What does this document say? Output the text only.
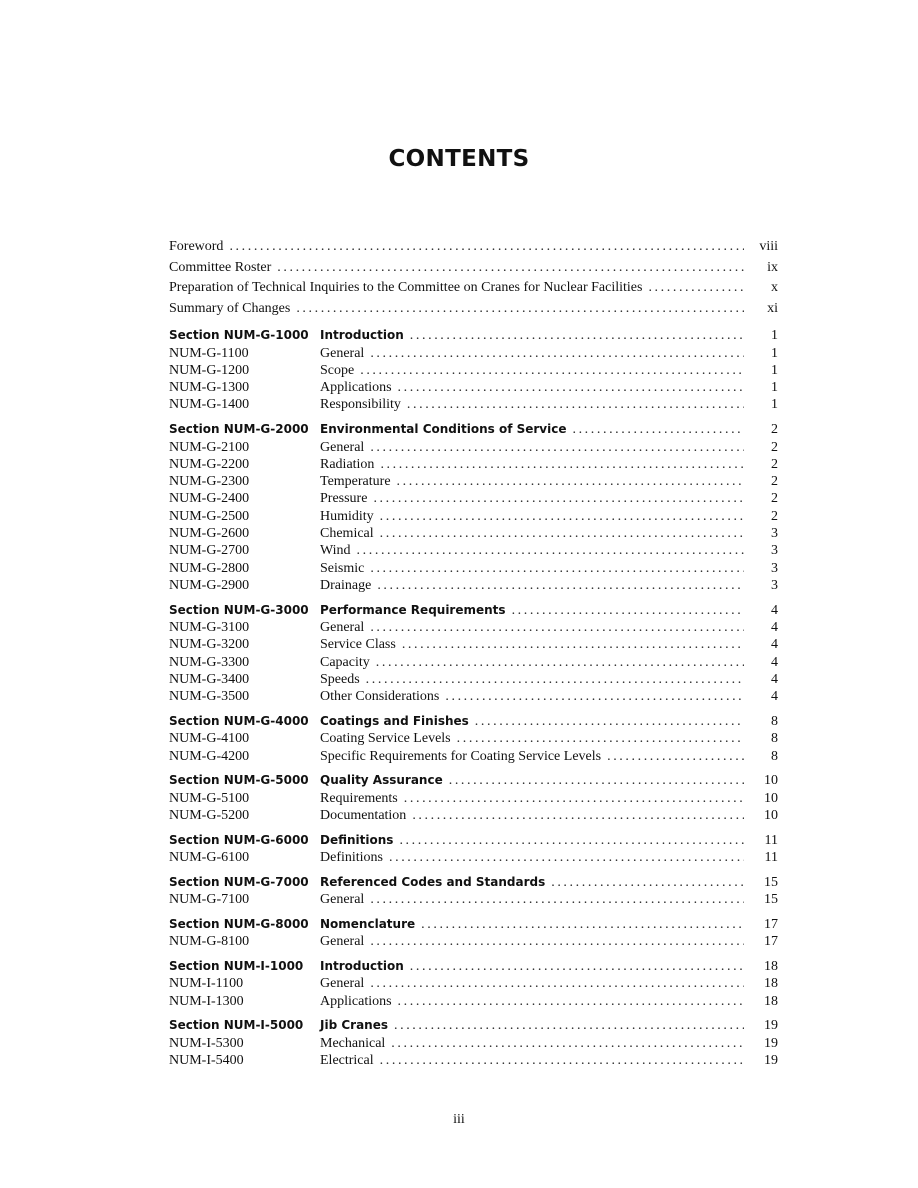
CONTENTS
Foreword .....	viii
Committee Roster .....	ix
Preparation of Technical Inquiries to the Committee on Cranes for Nuclear Facilities .....	x
Summary of Changes .....	xi
Section NUM-G-1000 Introduction .....	1
NUM-G-1100	General .....	1
NUM-G-1200	Scope .....	1
NUM-G-1300	Applications .....	1
NUM-G-1400	Responsibility .....	1
Section NUM-G-2000 Environmental Conditions of Service .....	2
NUM-G-2100	General .....	2
NUM-G-2200	Radiation .....	2
NUM-G-2300	Temperature .....	2
NUM-G-2400	Pressure .....	2
NUM-G-2500	Humidity .....	2
NUM-G-2600	Chemical .....	3
NUM-G-2700	Wind .....	3
NUM-G-2800	Seismic .....	3
NUM-G-2900	Drainage .....	3
Section NUM-G-3000 Performance Requirements .....	4
NUM-G-3100	General .....	4
NUM-G-3200	Service Class .....	4
NUM-G-3300	Capacity .....	4
NUM-G-3400	Speeds .....	4
NUM-G-3500	Other Considerations .....	4
Section NUM-G-4000 Coatings and Finishes .....	8
NUM-G-4100	Coating Service Levels .....	8
NUM-G-4200	Specific Requirements for Coating Service Levels .....	8
Section NUM-G-5000 Quality Assurance .....	10
NUM-G-5100	Requirements .....	10
NUM-G-5200	Documentation .....	10
Section NUM-G-6000 Definitions .....	11
NUM-G-6100	Definitions .....	11
Section NUM-G-7000 Referenced Codes and Standards .....	15
NUM-G-7100	General .....	15
Section NUM-G-8000 Nomenclature .....	17
NUM-G-8100	General .....	17
Section NUM-I-1000	Introduction .....	18
NUM-I-1100	General .....	18
NUM-I-1300	Applications .....	18
Section NUM-I-5000	Jib Cranes .....	19
NUM-I-5300	Mechanical .....	19
NUM-I-5400	Electrical .....	19
iii
